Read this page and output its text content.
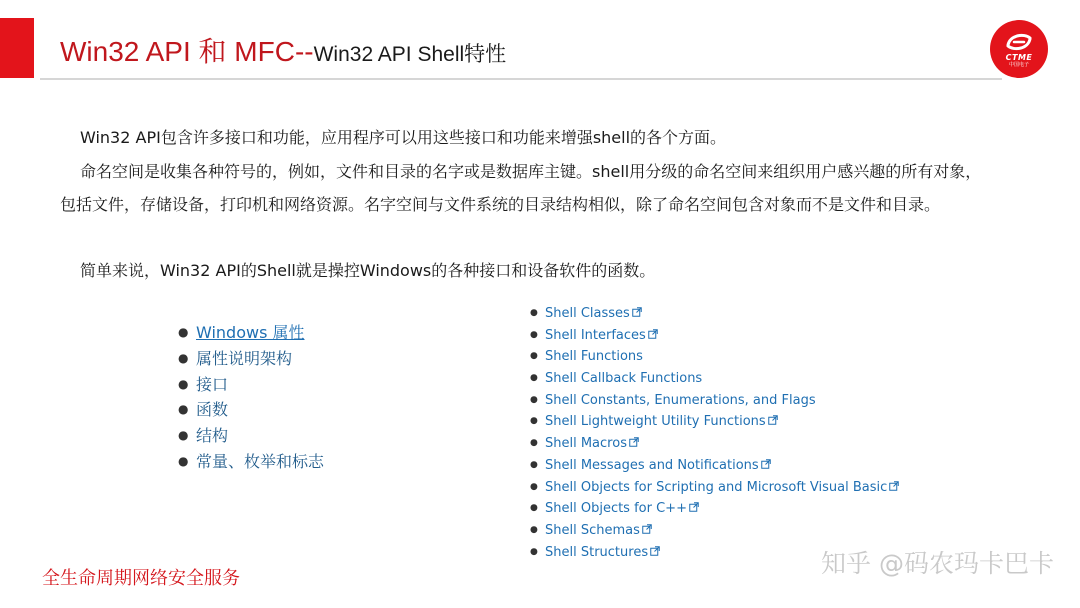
Win32 API 和 MFC--Win32 API Shell特性	CTME
中国电子

Win32 API包含许多接口和功能，应用程序可以用这些接口和功能来增强shell的各个方面。

命名空间是收集各种符号的，例如，文件和目录的名字或是数据库主键。shell用分级的命名空间来组织用户感兴趣的所有对象，包括文件，存储设备，打印机和网络资源。名字空间与文件系统的目录结构相似，除了命名空间包含对象而不是文件和目录。

简单来说，Win32 API的Shell就是操控Windows的各种接口和设备软件的函数。

● Windows 属性
● 属性说明架构
● 接口
● 函数
● 结构
● 常量、枚举和标志
● Shell Classes
● Shell Interfaces
● Shell Functions
● Shell Callback Functions
● Shell Constants, Enumerations, and Flags
● Shell Lightweight Utility Functions
● Shell Macros
● Shell Messages and Notifications
● Shell Objects for Scripting and Microsoft Visual Basic
● Shell Objects for C++
● Shell Schemas
● Shell Structures

全生命周期网络安全服务

知乎 @码农玛卡巴卡
